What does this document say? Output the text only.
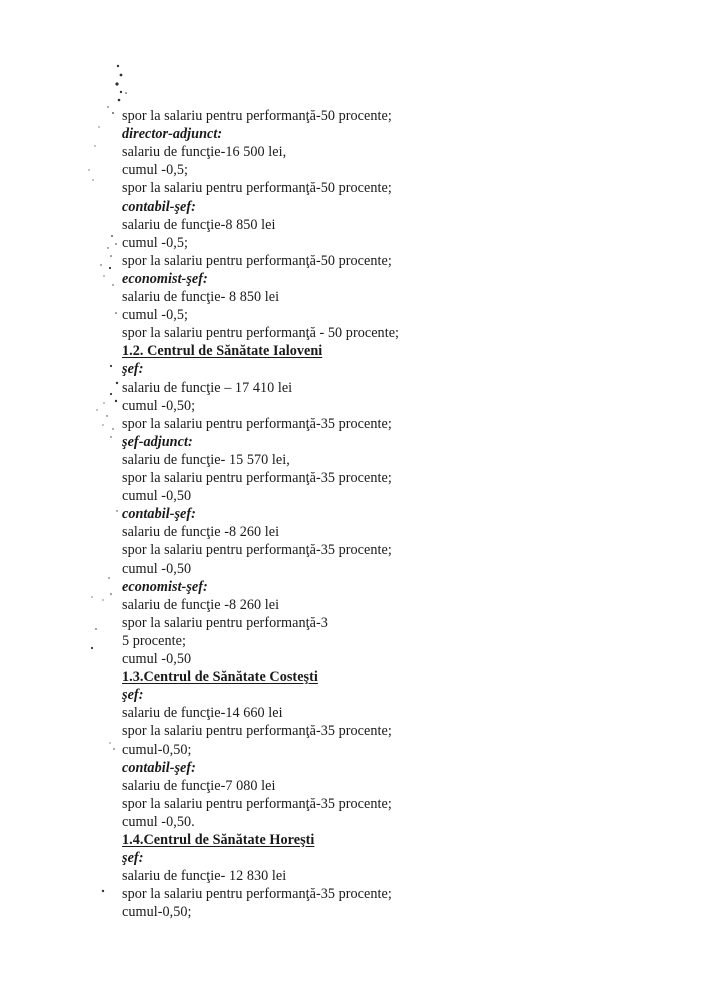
spor la salariu pentru performanţă-50 procente;
director-adjunct:
salariu de funcţie-16 500 lei,
cumul -0,5;
spor la salariu pentru performanţă-50 procente;
contabil-şef:
salariu de funcţie-8 850 lei
cumul -0,5;
spor la salariu pentru performanţă-50 procente;
economist-şef:
salariu de funcţie- 8 850 lei
cumul -0,5;
spor la salariu pentru performanţă - 50 procente;
1.2. Centrul de Sănătate Ialoveni
şef:
salariu de funcţie – 17 410 lei
cumul -0,50;
spor la salariu pentru performanţă-35 procente;
şef-adjunct:
salariu de funcţie- 15 570 lei,
spor la salariu pentru performanţă-35 procente;
cumul -0,50
contabil-şef:
salariu de funcţie -8 260 lei
spor la salariu pentru performanţă-35 procente;
cumul -0,50
economist-şef:
salariu de funcţie -8 260 lei
spor la salariu pentru performanţă-3
5 procente;
cumul -0,50
1.3.Centrul de Sănătate Costeşti
şef:
salariu de funcţie-14 660 lei
spor la salariu pentru performanţă-35 procente;
cumul-0,50;
contabil-şef:
salariu de funcţie-7 080 lei
spor la salariu pentru performanţă-35 procente;
cumul -0,50.
1.4.Centrul de Sănătate Horeşti
şef:
salariu de funcţie- 12 830 lei
spor la salariu pentru performanţă-35 procente;
cumul-0,50;
